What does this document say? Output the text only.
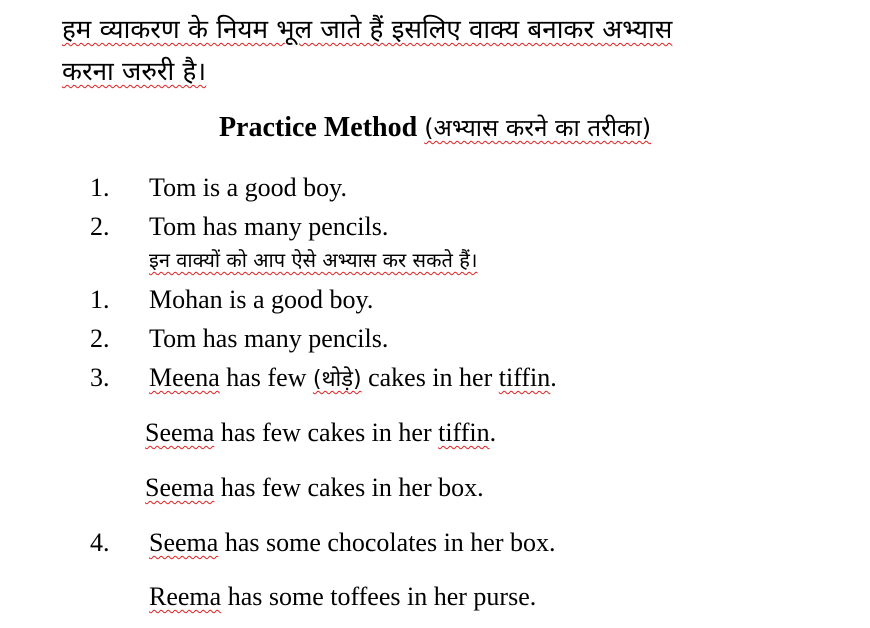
हम व्याकरण के नियम भूल जाते हैं इसलिए वाक्य बनाकर अभ्यास
करना जरुरी है।
Practice Method (अभ्यास करने का तरीका)
1. Tom is a good boy.
2. Tom has many pencils.
इन वाक्यों को आप ऐसे अभ्यास कर सकते हैं।
1. Mohan is a good boy.
2. Tom has many pencils.
3. Meena has few (थोड़े) cakes in her tiffin.
Seema has few cakes in her tiffin.
Seema has few cakes in her box.
4. Seema has some chocolates in her box.
Reema has some toffees in her purse.
